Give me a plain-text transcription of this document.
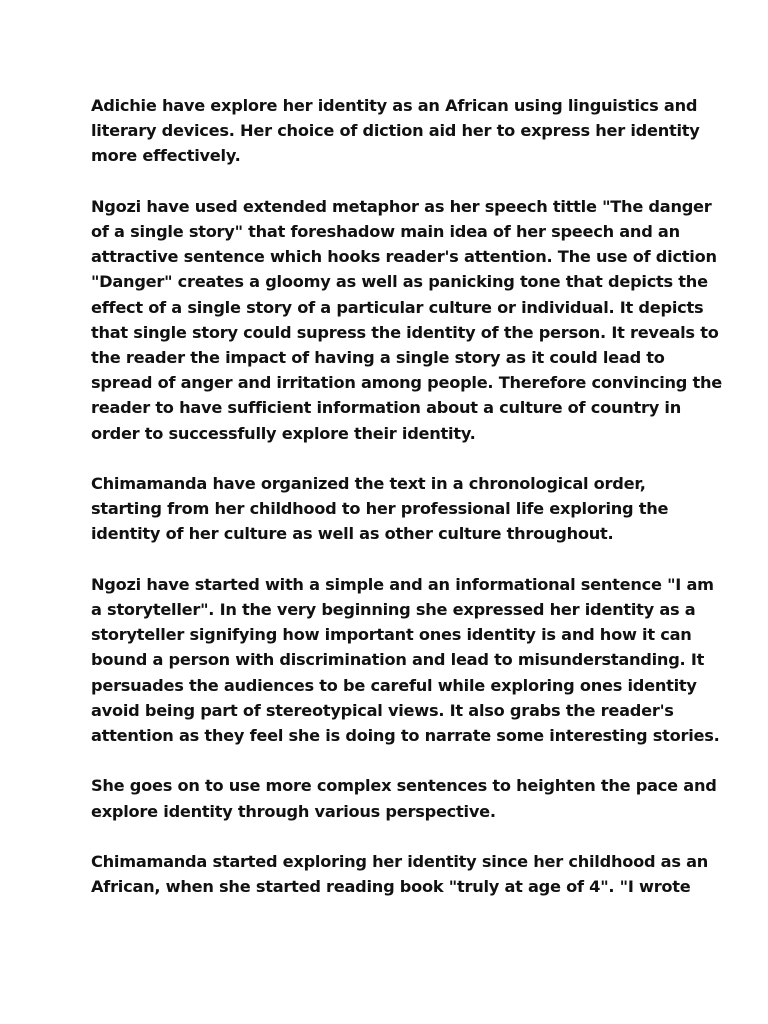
Adichie have explore her identity as an African using linguistics and
literary devices. Her choice of diction aid her to express her identity
more effectively.

Ngozi have used extended metaphor as her speech tittle "The danger
of a single story" that foreshadow main idea of her speech and an
attractive sentence which hooks reader's attention. The use of diction
"Danger" creates a gloomy as well as panicking tone that depicts the
effect of a single story of a particular culture or individual. It depicts
that single story could supress the identity of the person. It reveals to
the reader the impact of having a single story as it could lead to
spread of anger and irritation among people. Therefore convincing the
reader to have sufficient information about a culture of country in
order to successfully explore their identity.

Chimamanda have organized the text in a chronological order,
starting from her childhood to her professional life exploring the
identity of her culture as well as other culture throughout.

Ngozi have started with a simple and an informational sentence "I am
a storyteller". In the very beginning she expressed her identity as a
storyteller signifying how important ones identity is and how it can
bound a person with discrimination and lead to misunderstanding. It
persuades the audiences to be careful while exploring ones identity
avoid being part of stereotypical views. It also grabs the reader's
attention as they feel she is doing to narrate some interesting stories.

She goes on to use more complex sentences to heighten the pace and
explore identity through various perspective.

Chimamanda started exploring her identity since her childhood as an
African, when she started reading book "truly at age of 4". "I wrote
